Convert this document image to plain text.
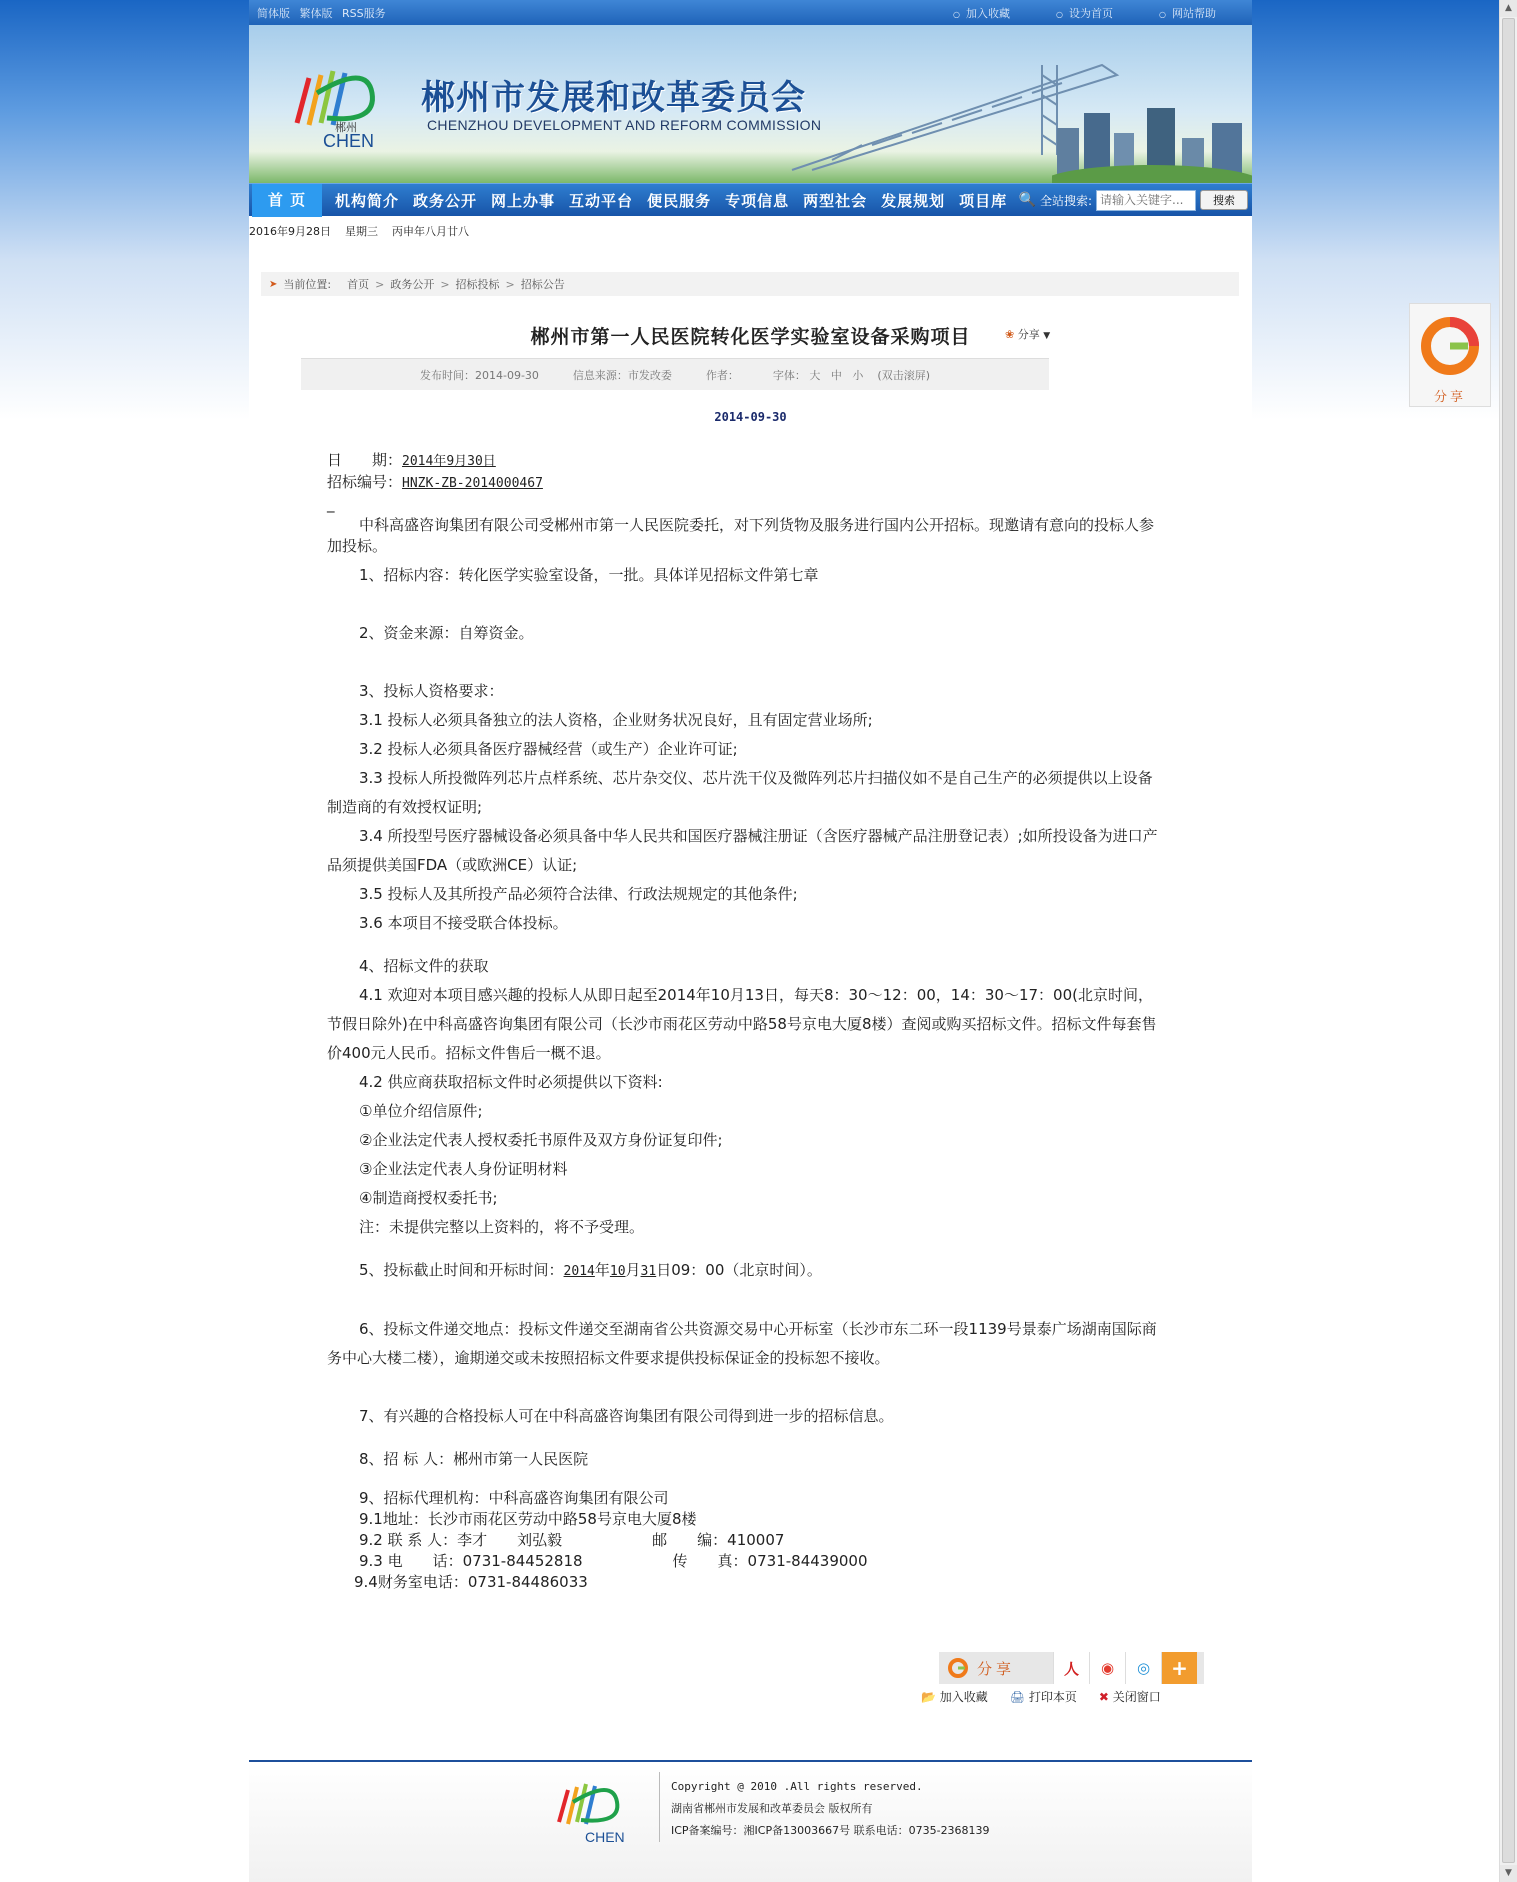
▲
▼
分享
简体版 繁体版 RSS服务	○ 加入收藏	○ 设为首页	○ 网站帮助
郴州
CHEN
郴州市发展和改革委员会
CHENZHOU DEVELOPMENT AND REFORM COMMISSION
首 页	机构简介 政务公开 网上办事 互动平台 便民服务 专项信息 两型社会 发展规划 项目库 🔍 全站搜索:
请输入关键字...	搜索
2016年9月28日 星期三 丙申年八月廿八
➤ 当前位置: 首页 > 政务公开 > 招标投标 > 招标公告
郴州市第一人民医院转化医学实验室设备采购项目	❀ 分享 ▼
发布时间：2014-09-30	信息来源：市发改委	作者：	字体： 大 中 小 (双击滚屏)
2014-09-30

日　　期：2014年9月30日

招标编号：HNZK-ZB-2014000467

_

中科高盛咨询集团有限公司受郴州市第一人民医院委托，对下列货物及服务进行国内公开招标。现邀请有意向的投标人参加投标。

1、招标内容：转化医学实验室设备，一批。具体详见招标文件第七章

2、资金来源：自筹资金。

3、投标人资格要求：

3.1 投标人必须具备独立的法人资格，企业财务状况良好，且有固定营业场所;

3.2 投标人必须具备医疗器械经营（或生产）企业许可证;

3.3 投标人所投微阵列芯片点样系统、芯片杂交仪、芯片洗干仪及微阵列芯片扫描仪如不是自己生产的必须提供以上设备制造商的有效授权证明;

3.4 所投型号医疗器械设备必须具备中华人民共和国医疗器械注册证（含医疗器械产品注册登记表）;如所投设备为进口产品须提供美国FDA（或欧洲CE）认证;

3.5 投标人及其所投产品必须符合法律、行政法规规定的其他条件;

3.6 本项目不接受联合体投标。

4、招标文件的获取

4.1 欢迎对本项目感兴趣的投标人从即日起至2014年10月13日，每天8：30～12：00，14：30～17：00(北京时间，节假日除外)在中科高盛咨询集团有限公司（长沙市雨花区劳动中路58号京电大厦8楼）查阅或购买招标文件。招标文件每套售价400元人民币。招标文件售后一概不退。

4.2 供应商获取招标文件时必须提供以下资料:

①单位介绍信原件;

②企业法定代表人授权委托书原件及双方身份证复印件;

③企业法定代表人身份证明材料

④制造商授权委托书;

注：未提供完整以上资料的，将不予受理。

5、投标截止时间和开标时间：2014年10月31日09：00（北京时间）。

6、投标文件递交地点：投标文件递交至湖南省公共资源交易中心开标室（长沙市东二环一段1139号景泰广场湖南国际商务中心大楼二楼），逾期递交或未按照招标文件要求提供投标保证金的投标恕不接收。

7、有兴趣的合格投标人可在中科高盛咨询集团有限公司得到进一步的招标信息。

8、招 标 人：郴州市第一人民医院

9、招标代理机构：中科高盛咨询集团有限公司

9.1地址：长沙市雨花区劳动中路58号京电大厦8楼

9.2 联 系 人：李才　　刘弘毅　　　　　　邮　　编：410007

9.3 电　　话：0731-84452818　　　　　　传　　真：0731-84439000

9.4财务室电话：0731-84486033

分享	人	◉	◎	+
📂 加入收藏 🖨 打印本页 ✖ 关闭窗口
CHEN
Copyright @ 2010 .All rights reserved.
湖南省郴州市发展和改革委员会 版权所有
ICP备案编号：湘ICP备13003667号 联系电话：0735-2368139
